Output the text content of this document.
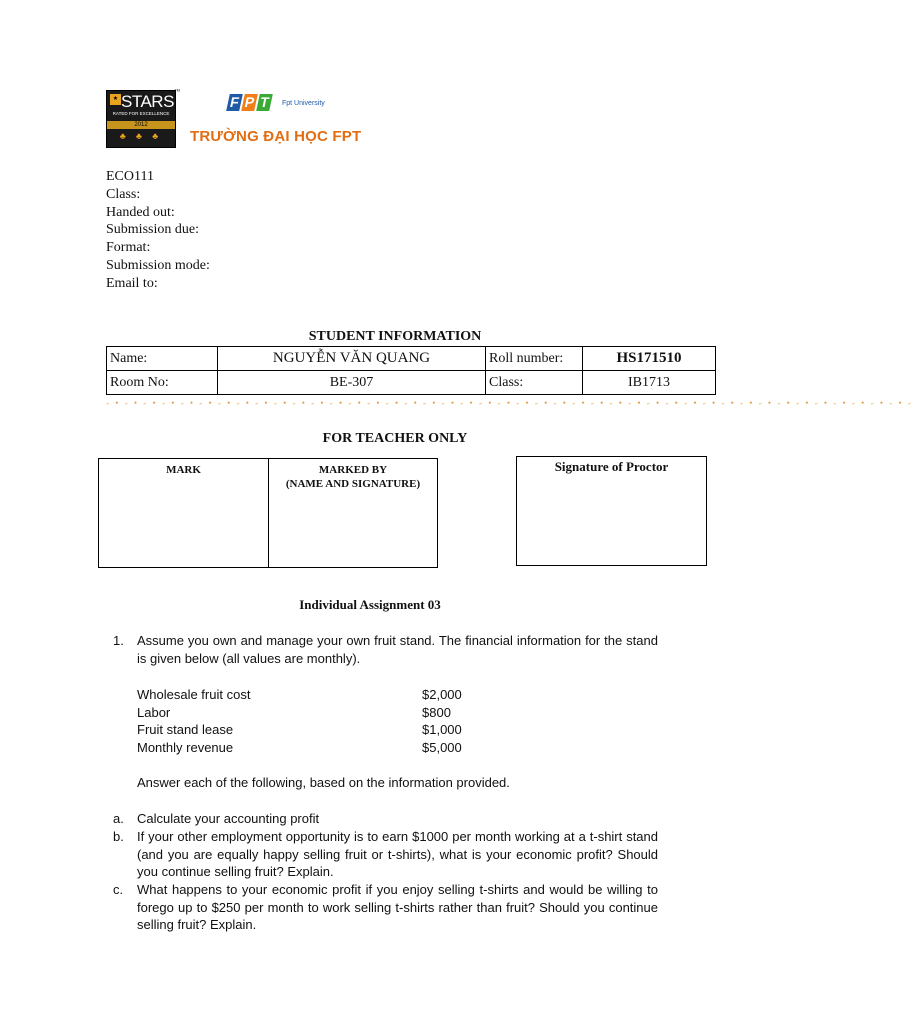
★ STARS
RATED FOR EXCELLENCE
2012
♣ ♣ ♣
™
F P T	Fpt University
TRƯỜNG ĐẠI HỌC FPT
ECO111
Class:
Handed out:
Submission due:
Format:
Submission mode:
Email to:
STUDENT INFORMATION
Name:	NGUYỄN VĂN QUANG	Roll number:	HS171510
Room No:	BE-307	Class:	IB1713
- • - • - • - • - • - • - • - • - • - • - • - • - • - • - • - • - • - • - • - • - • - • - • - • - • - • - • - • - • - • - • - • - • - • - • - • - • - • - • - • - • - • - • -
FOR TEACHER ONLY
MARK	MARKED BY
(NAME AND SIGNATURE)
Signature of Proctor
Individual Assignment 03
1. Assume you own and manage your own fruit stand. The financial information for the stand is given below (all values are monthly).
Wholesale fruit cost	$2,000
Labor	$800
Fruit stand lease	$1,000
Monthly revenue	$5,000
Answer each of the following, based on the information provided.
a. Calculate your accounting profit
b. If your other employment opportunity is to earn $1000 per month working at a t-shirt stand (and you are equally happy selling fruit or t-shirts), what is your economic profit? Should you continue selling fruit? Explain.
c. What happens to your economic profit if you enjoy selling t-shirts and would be willing to forego up to $250 per month to work selling t-shirts rather than fruit? Should you continue selling fruit? Explain.
